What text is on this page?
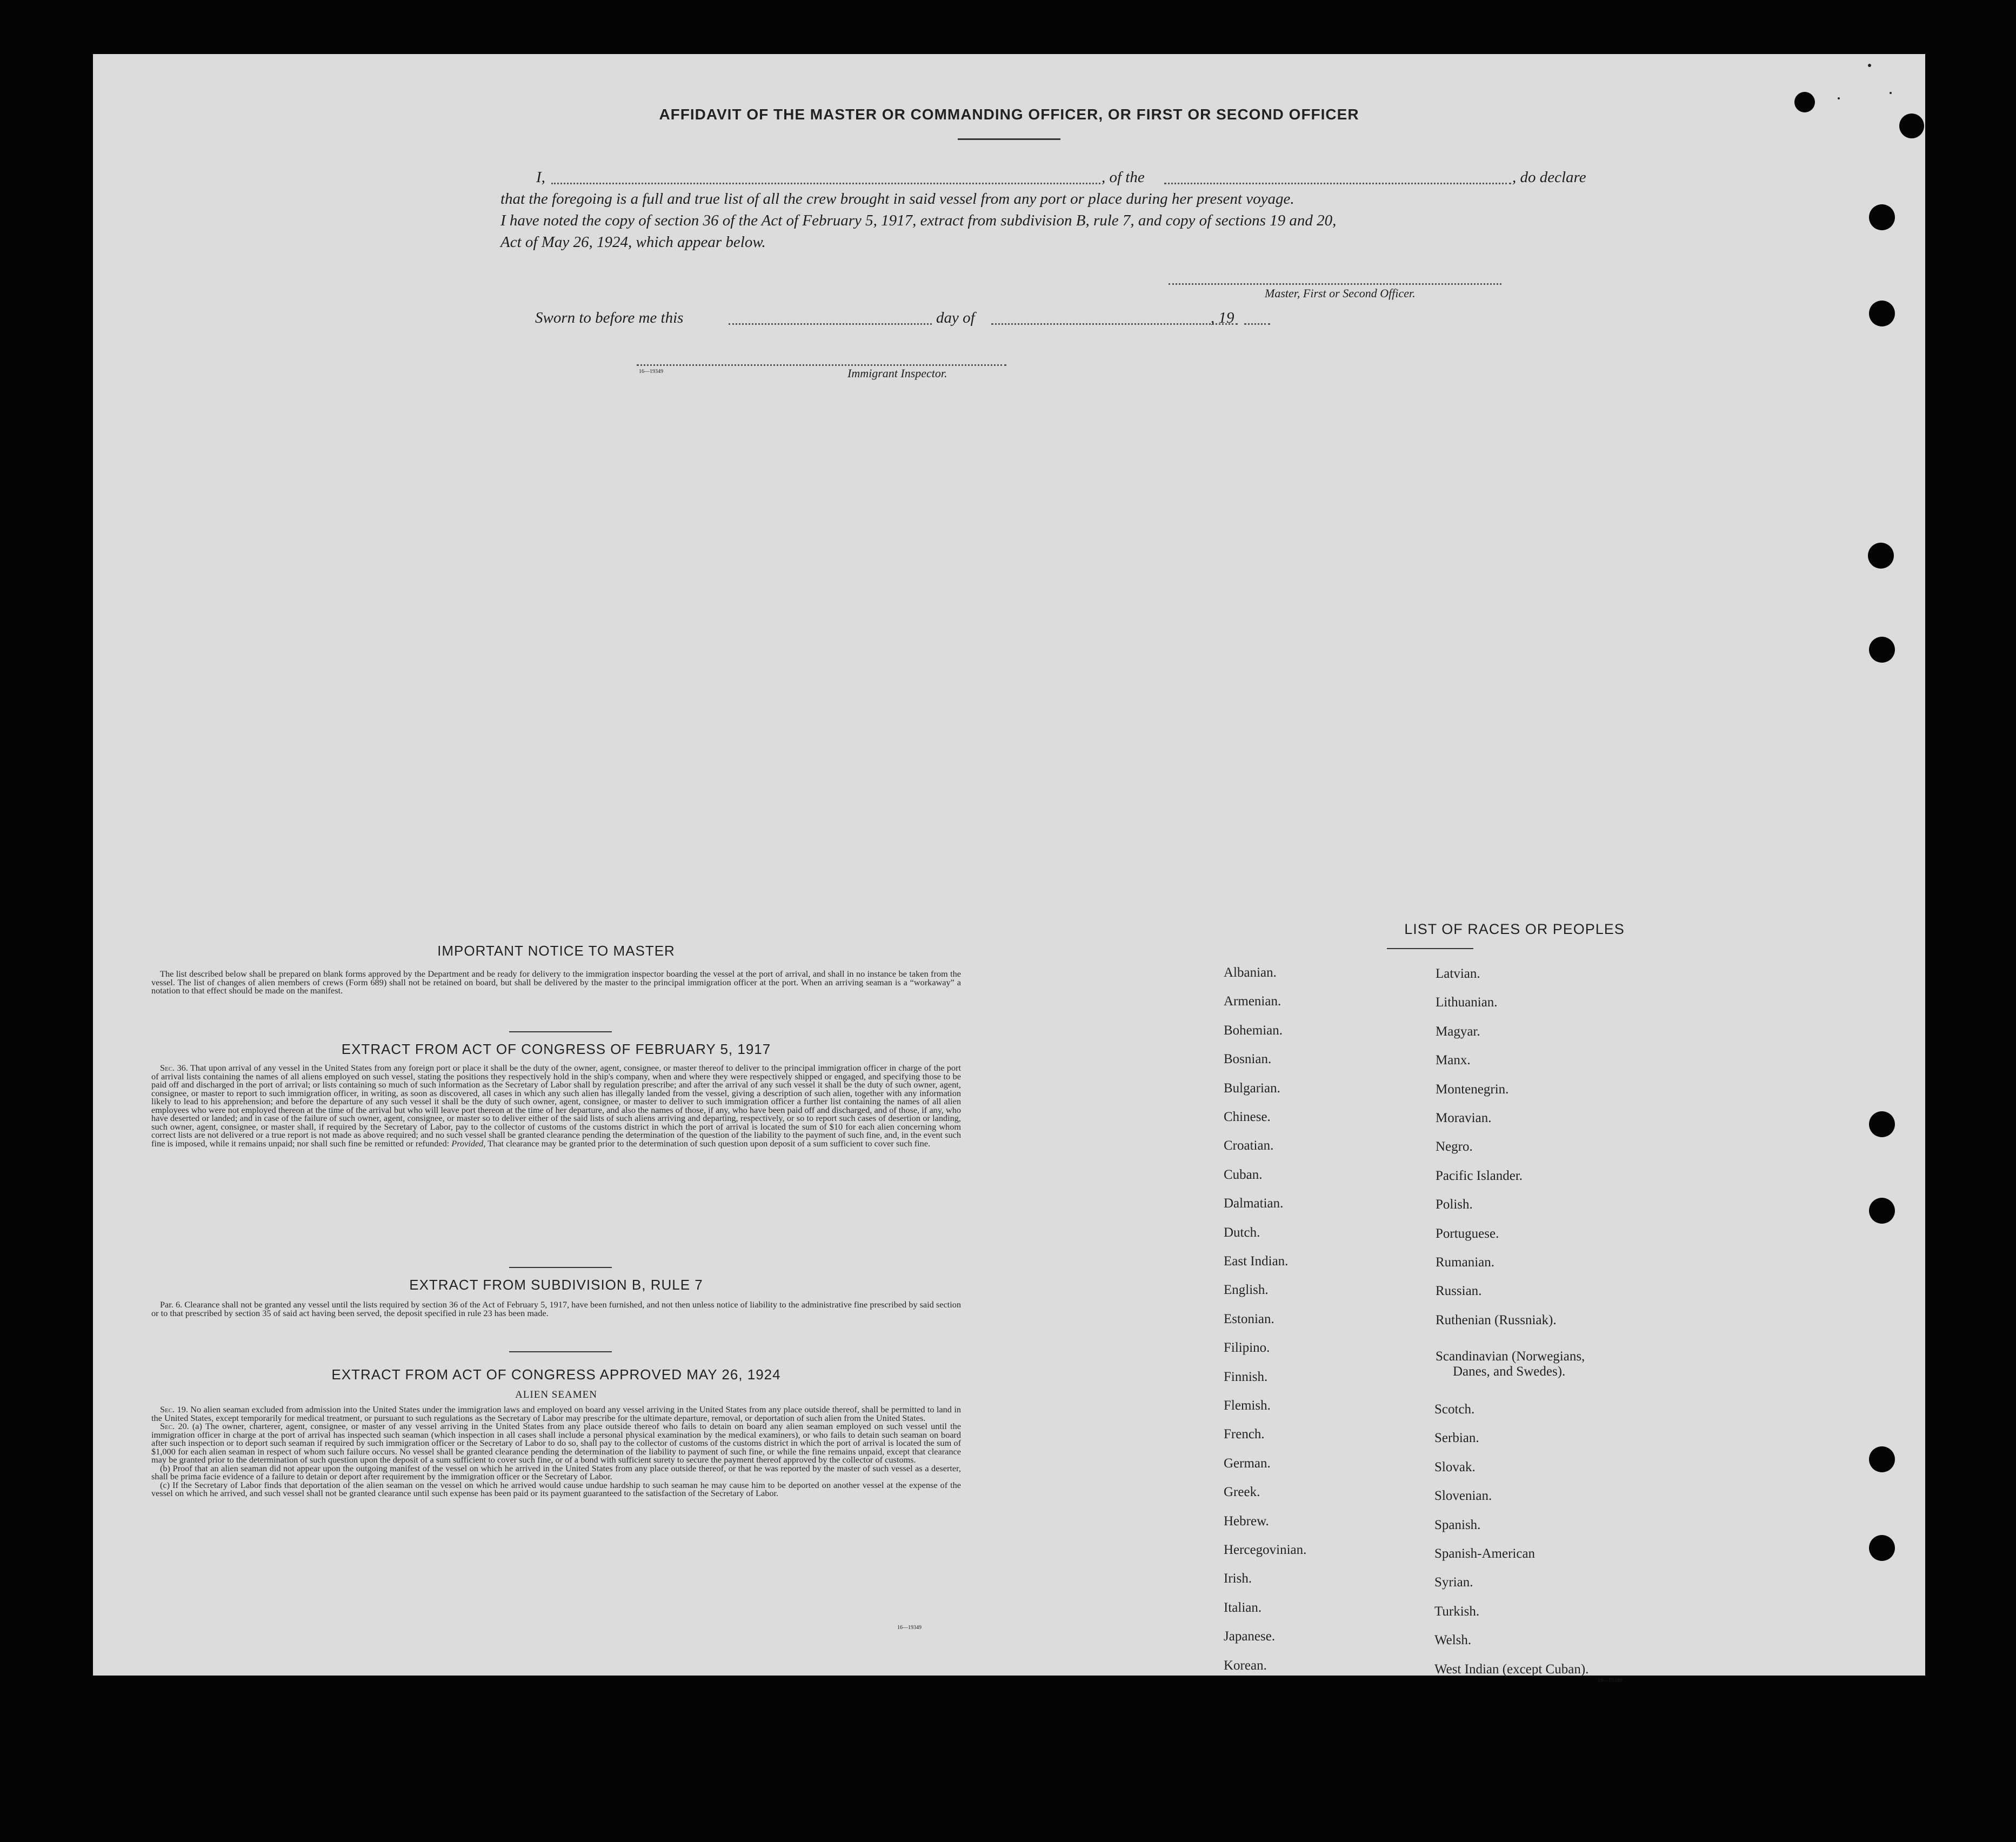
AFFIDAVIT OF THE MASTER OR COMMANDING OFFICER, OR FIRST OR SECOND OFFICER
I,	, of the	, do declare
that the foregoing is a full and true list of all the crew brought in said vessel from any port or place during her present voyage.
I have noted the copy of section 36 of the Act of February 5, 1917, extract from subdivision B, rule 7, and copy of sections 19 and 20,
Act of May 26, 1924, which appear below.
Master, First or Second Officer.
Sworn to before me this	day of	, 19
16—19349	Immigrant Inspector.
IMPORTANT NOTICE TO MASTER

The list described below shall be prepared on blank forms approved by the Department and be ready for delivery to the immigration inspector boarding the vessel at the port of arrival, and shall in no instance be taken from the vessel. The list of changes of alien members of crews (Form 689) shall not be retained on board, but shall be delivered by the master to the principal immigration officer at the port. When an arriving seaman is a “workaway” a notation to that effect should be made on the manifest.

EXTRACT FROM ACT OF CONGRESS OF FEBRUARY 5, 1917

Sec. 36. That upon arrival of any vessel in the United States from any foreign port or place it shall be the duty of the owner, agent, consignee, or master thereof to deliver to the principal immigration officer in charge of the port of arrival lists containing the names of all aliens employed on such vessel, stating the positions they respectively hold in the ship's company, when and where they were respectively shipped or engaged, and specifying those to be paid off and discharged in the port of arrival; or lists containing so much of such information as the Secretary of Labor shall by regulation prescribe; and after the arrival of any such vessel it shall be the duty of such owner, agent, consignee, or master to report to such immigration officer, in writing, as soon as discovered, all cases in which any such alien has illegally landed from the vessel, giving a description of such alien, together with any information likely to lead to his apprehension; and before the departure of any such vessel it shall be the duty of such owner, agent, consignee, or master to deliver to such immigration officer a further list containing the names of all alien employees who were not employed thereon at the time of the arrival but who will leave port thereon at the time of her departure, and also the names of those, if any, who have been paid off and discharged, and of those, if any, who have deserted or landed; and in case of the failure of such owner, agent, consignee, or master so to deliver either of the said lists of such aliens arriving and departing, respectively, or so to report such cases of desertion or landing, such owner, agent, consignee, or master shall, if required by the Secretary of Labor, pay to the collector of customs of the customs district in which the port of arrival is located the sum of $10 for each alien concerning whom correct lists are not delivered or a true report is not made as above required; and no such vessel shall be granted clearance pending the determination of the question of the liability to the payment of such fine, and, in the event such fine is imposed, while it remains unpaid; nor shall such fine be remitted or refunded: Provided, That clearance may be granted prior to the determination of such question upon deposit of a sum sufficient to cover such fine.

EXTRACT FROM SUBDIVISION B, RULE 7

Par. 6. Clearance shall not be granted any vessel until the lists required by section 36 of the Act of February 5, 1917, have been furnished, and not then unless notice of liability to the administrative fine prescribed by said section or to that prescribed by section 35 of said act having been served, the deposit specified in rule 23 has been made.

EXTRACT FROM ACT OF CONGRESS APPROVED MAY 26, 1924
ALIEN SEAMEN

Sec. 19. No alien seaman excluded from admission into the United States under the immigration laws and employed on board any vessel arriving in the United States from any place outside thereof, shall be permitted to land in the United States, except temporarily for medical treatment, or pursuant to such regulations as the Secretary of Labor may prescribe for the ultimate departure, removal, or deportation of such alien from the United States.

Sec. 20. (a) The owner, charterer, agent, consignee, or master of any vessel arriving in the United States from any place outside thereof who fails to detain on board any alien seaman employed on such vessel until the immigration officer in charge at the port of arrival has inspected such seaman (which inspection in all cases shall include a personal physical examination by the medical examiners), or who fails to detain such seaman on board after such inspection or to deport such seaman if required by such immigration officer or the Secretary of Labor to do so, shall pay to the collector of customs of the customs district in which the port of arrival is located the sum of $1,000 for each alien seaman in respect of whom such failure occurs. No vessel shall be granted clearance pending the determination of the liability to payment of such fine, or while the fine remains unpaid, except that clearance may be granted prior to the determination of such question upon the deposit of a sum sufficient to cover such fine, or of a bond with sufficient surety to secure the payment thereof approved by the collector of customs.

(b) Proof that an alien seaman did not appear upon the outgoing manifest of the vessel on which he arrived in the United States from any place outside thereof, or that he was reported by the master of such vessel as a deserter, shall be prima facie evidence of a failure to detain or deport after requirement by the immigration officer or the Secretary of Labor.

(c) If the Secretary of Labor finds that deportation of the alien seaman on the vessel on which he arrived would cause undue hardship to such seaman he may cause him to be deported on another vessel at the expense of the vessel on which he arrived, and such vessel shall not be granted clearance until such expense has been paid or its payment guaranteed to the satisfaction of the Secretary of Labor.

16—19349
LIST OF RACES OR PEOPLES
Albanian.
Armenian.
Bohemian.
Bosnian.
Bulgarian.
Chinese.
Croatian.
Cuban.
Dalmatian.
Dutch.
East Indian.
English.
Estonian.
Filipino.
Finnish.
Flemish.
French.
German.
Greek.
Hebrew.
Hercegovinian.
Irish.
Italian.
Japanese.
Korean.
Latvian.
Lithuanian.
Magyar.
Manx.
Montenegrin.
Moravian.
Negro.
Pacific Islander.
Polish.
Portuguese.
Rumanian.
Russian.
Ruthenian (Russniak).
Scandinavian (Norwegians,
Danes, and Swedes).
Scotch.
Serbian.
Slovak.
Slovenian.
Spanish.
Spanish-American
Syrian.
Turkish.
Welsh.
West Indian (except Cuban).
16—19349
